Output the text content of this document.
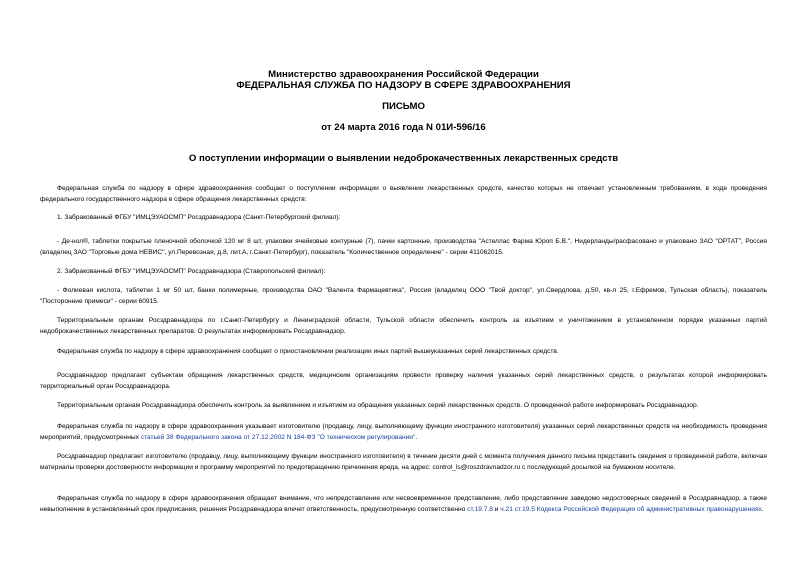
Министерство здравоохранения Российской Федерации
ФЕДЕРАЛЬНАЯ СЛУЖБА ПО НАДЗОРУ В СФЕРЕ ЗДРАВООХРАНЕНИЯ
ПИСЬМО
от 24 марта 2016 года N 01И-596/16
О поступлении информации о выявлении недоброкачественных лекарственных средств
Федеральная служба по надзору в сфере здравоохранения сообщает о поступлении информации о выявлении лекарственных средств, качество которых не отвечает установленным требованиям, в ходе проведения федерального государственного надзора в сфере обращения лекарственных средств:
1. Забракованный ФГБУ "ИМЦЭУАОСМП" Росздравнадзора (Санкт-Петербургский филиал):
- Де-нол®, таблетки покрытые пленочной оболочкой 120 мг 8 шт, упаковки ячейковые контурные (7), пачки картонные, производства "Астеллас Фарма Юроп Б.В.", Нидерланды/расфасовано и упаковано ЗАО "ОРТАТ", Россия (владелец ЗАО "Торговые дома НЕВИС", ул.Перевозная, д.8, лит.А, г.Санкт-Петербург), показатель "Количественное определение" - серии 411062015.
2. Забракованный ФГБУ "ИМЦЭУАОСМП" Росздравнадзора (Ставропольский филиал):
- Фолиевая кислота, таблетки 1 мг 50 шт, банки полимерные, производства ОАО "Валента Фармацевтика", Россия (владелец ООО "Твой доктор", ул.Свердлова, д.50, кв-л 25, г.Ефремов, Тульская область), показатель "Посторонние примеси" - серии 60915.
Территориальным органам Росздравнадзора по г.Санкт-Петербургу и Ленинградской области, Тульской области обеспечить контроль за изъятием и уничтожением в установленном порядке указанных партий недоброкачественных лекарственных препаратов. О результатах информировать Росздравнадзор.
Федеральная служба по надзору в сфере здравоохранения сообщает о приостановлении реализации иных партий вышеуказанных серий лекарственных средств.
Росздравнадзор предлагает субъектам обращения лекарственных средств, медицинским организациям провести проверку наличия указанных серий лекарственных средств, о результатах которой информировать территориальный орган Росздравнадзора.
Территориальным органам Росздравнадзора обеспечить контроль за выявлением и изъятием из обращения указанных серий лекарственных средств. О проведенной работе информировать Росздравнадзор.
Федеральная служба по надзору в сфере здравоохранения указывает изготовителю (продавцу, лицу, выполняющему функции иностранного изготовителя) указанных серий лекарственных средств на необходимость проведения мероприятий, предусмотренных статьей 38 Федерального закона от 27.12.2002 N 184-ФЗ "О техническом регулировании".
Росздравнадзор предлагает изготовителю (продавцу, лицу, выполняющему функции иностранного изготовителя) в течение десяти дней с момента получения данного письма представить сведения о проведенной работе, включая материалы проверки достоверности информации и программу мероприятий по предотвращению причинения вреда, на адрес: control_ls@roszdravnadzor.ru с последующей досылкой на бумажном носителе.
Федеральная служба по надзору в сфере здравоохранения обращает внимание, что непредставление или несвоевременное представление, либо представление заведомо недостоверных сведений в Росздравнадзор, а также невыполнение в установленный срок предписания, решения Росздравнадзора влечет ответственность, предусмотренную соответственно ст.19.7.8 и ч.21 ст.19.5 Кодекса Российской Федерации об административных правонарушениях.
